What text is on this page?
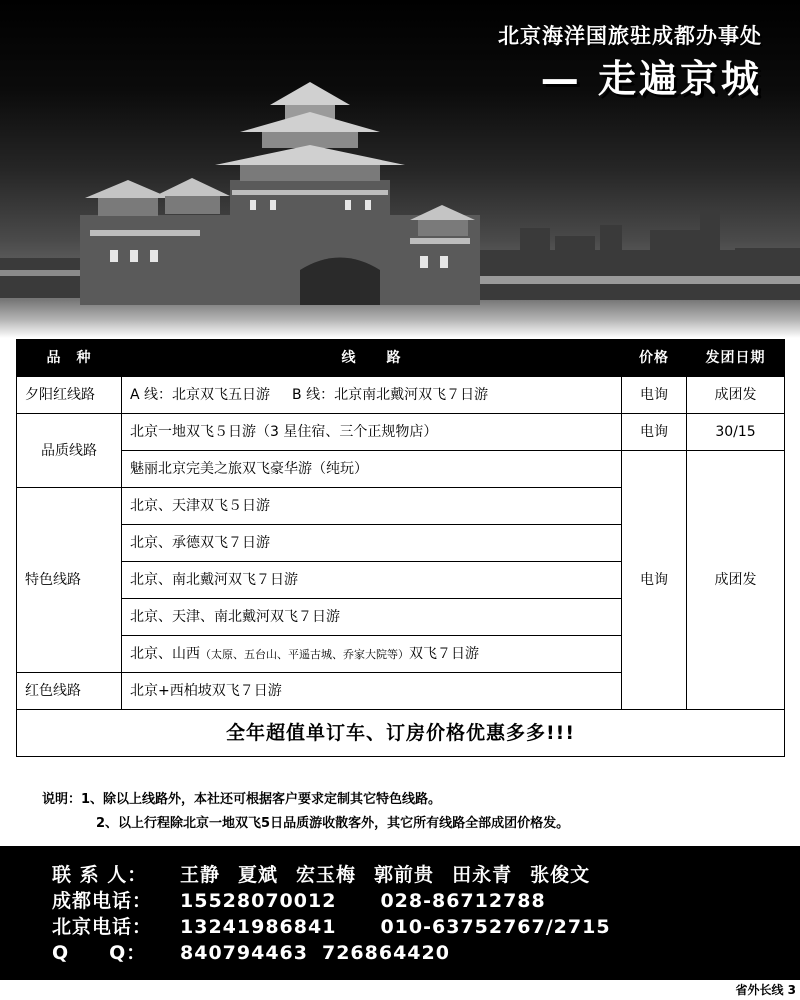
北京海洋国旅驻成都办事处
— 走遍京城
品　种	线　　路	价格	发团日期
夕阳红线路	A 线：北京双飞五日游 B 线：北京南北戴河双飞７日游	电询	成团发
品质线路	北京一地双飞５日游（3 星住宿、三个正规物店）	电询	30/15
	魅丽北京完美之旅双飞豪华游（纯玩）	电询	成团发
特色线路	北京、天津双飞５日游		
	北京、承德双飞７日游		
	北京、南北戴河双飞７日游		
	北京、天津、南北戴河双飞７日游		
	北京、山西（太原、五台山、平遥古城、乔家大院等）双飞７日游		
红色线路	北京+西柏坡双飞７日游		
全年超值单订车、订房价格优惠多多!!!			
说明：1、除以上线路外，本社还可根据客户要求定制其它特色线路。
2、以上行程除北京一地双飞5日品质游收散客外，其它所有线路全部成团价格发。
联 系 人： 王静 夏斌 宏玉梅 郭前贵 田永青 张俊文
成都电话： 15528070012 028-86712788
北京电话： 13241986841 010-63752767/2715
Q　　Q： 840794463 726864420
省外长线 3
